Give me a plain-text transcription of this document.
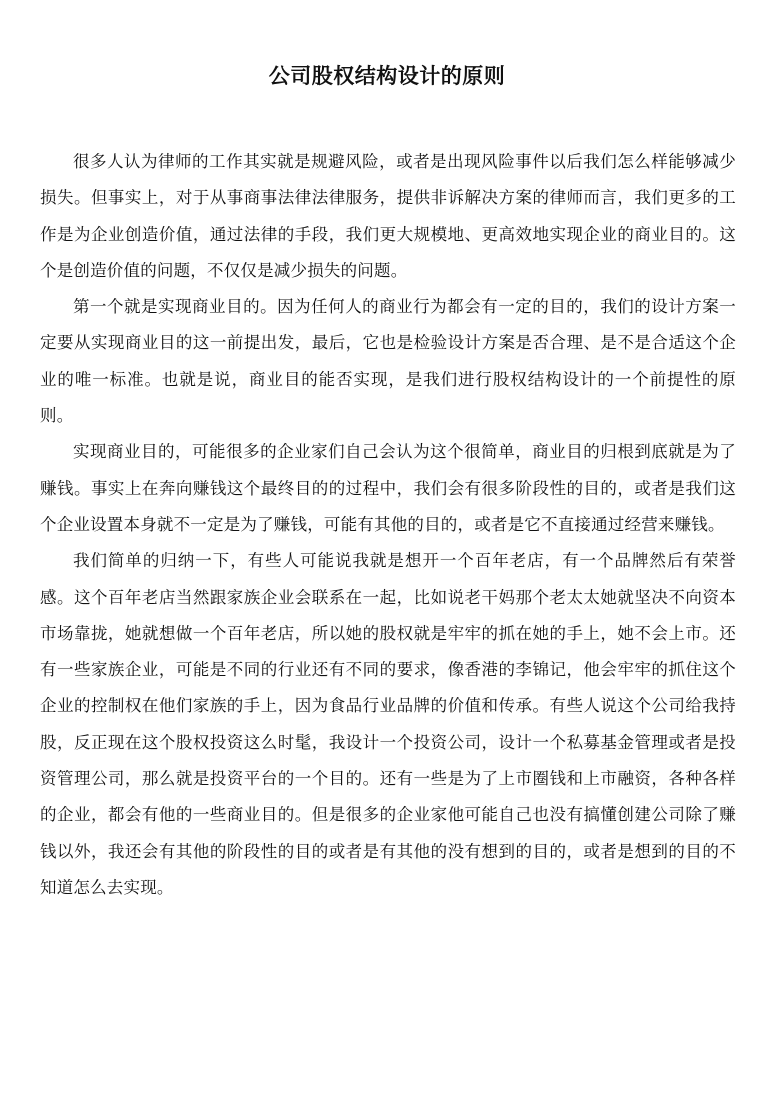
公司股权结构设计的原则

很多人认为律师的工作其实就是规避风险，或者是出现风险事件以后我们怎么样能够减少损失。但事实上，对于从事商事法律法律服务，提供非诉解决方案的律师而言，我们更多的工作是为企业创造价值，通过法律的手段，我们更大规模地、更高效地实现企业的商业目的。这个是创造价值的问题，不仅仅是减少损失的问题。

第一个就是实现商业目的。因为任何人的商业行为都会有一定的目的，我们的设计方案一定要从实现商业目的这一前提出发，最后，它也是检验设计方案是否合理、是不是合适这个企业的唯一标准。也就是说，商业目的能否实现，是我们进行股权结构设计的一个前提性的原则。

实现商业目的，可能很多的企业家们自己会认为这个很简单，商业目的归根到底就是为了赚钱。事实上在奔向赚钱这个最终目的的过程中，我们会有很多阶段性的目的，或者是我们这个企业设置本身就不一定是为了赚钱，可能有其他的目的，或者是它不直接通过经营来赚钱。

我们简单的归纳一下，有些人可能说我就是想开一个百年老店，有一个品牌然后有荣誉感。这个百年老店当然跟家族企业会联系在一起，比如说老干妈那个老太太她就坚决不向资本市场靠拢，她就想做一个百年老店，所以她的股权就是牢牢的抓在她的手上，她不会上市。还有一些家族企业，可能是不同的行业还有不同的要求，像香港的李锦记，他会牢牢的抓住这个企业的控制权在他们家族的手上，因为食品行业品牌的价值和传承。有些人说这个公司给我持股，反正现在这个股权投资这么时髦，我设计一个投资公司，设计一个私募基金管理或者是投资管理公司，那么就是投资平台的一个目的。还有一些是为了上市圈钱和上市融资，各种各样的企业，都会有他的一些商业目的。但是很多的企业家他可能自己也没有搞懂创建公司除了赚钱以外，我还会有其他的阶段性的目的或者是有其他的没有想到的目的，或者是想到的目的不知道怎么去实现。
